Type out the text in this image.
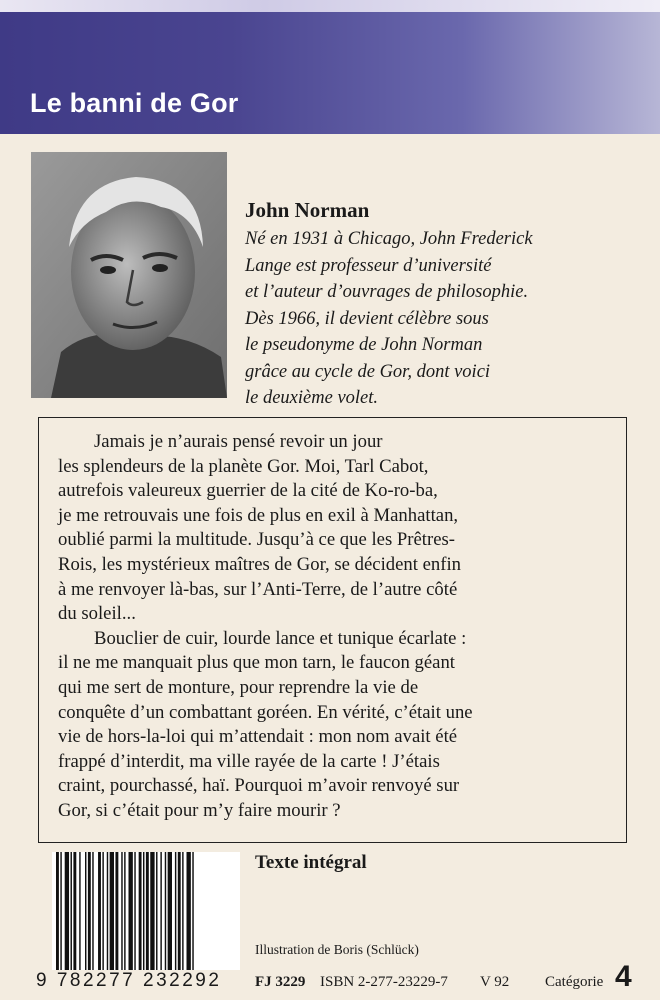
Le banni de Gor
John Norman
Né en 1931 à Chicago, John Frederick
Lange est professeur d’université
et l’auteur d’ouvrages de philosophie.
Dès 1966, il devient célèbre sous
le pseudonyme de John Norman
grâce au cycle de Gor, dont voici
le deuxième volet.
Jamais je n’aurais pensé revoir un jour
les splendeurs de la planète Gor. Moi, Tarl Cabot,
autrefois valeureux guerrier de la cité de Ko-ro-ba,
je me retrouvais une fois de plus en exil à Manhattan,
oublié parmi la multitude. Jusqu’à ce que les Prêtres-
Rois, les mystérieux maîtres de Gor, se décident enfin
à me renvoyer là-bas, sur l’Anti-Terre, de l’autre côté
du soleil...
Bouclier de cuir, lourde lance et tunique écarlate :
il ne me manquait plus que mon tarn, le faucon géant
qui me sert de monture, pour reprendre la vie de
conquête d’un combattant goréen. En vérité, c’était une
vie de hors-la-loi qui m’attendait : mon nom avait été
frappé d’interdit, ma ville rayée de la carte ! J’étais
craint, pourchassé, haï. Pourquoi m’avoir renvoyé sur
Gor, si c’était pour m’y faire mourir ?
9 782277 232292
Texte intégral
Illustration de Boris (Schlück)
FJ 3229 ISBN 2-277-23229-7 V 92 Catégorie 4
